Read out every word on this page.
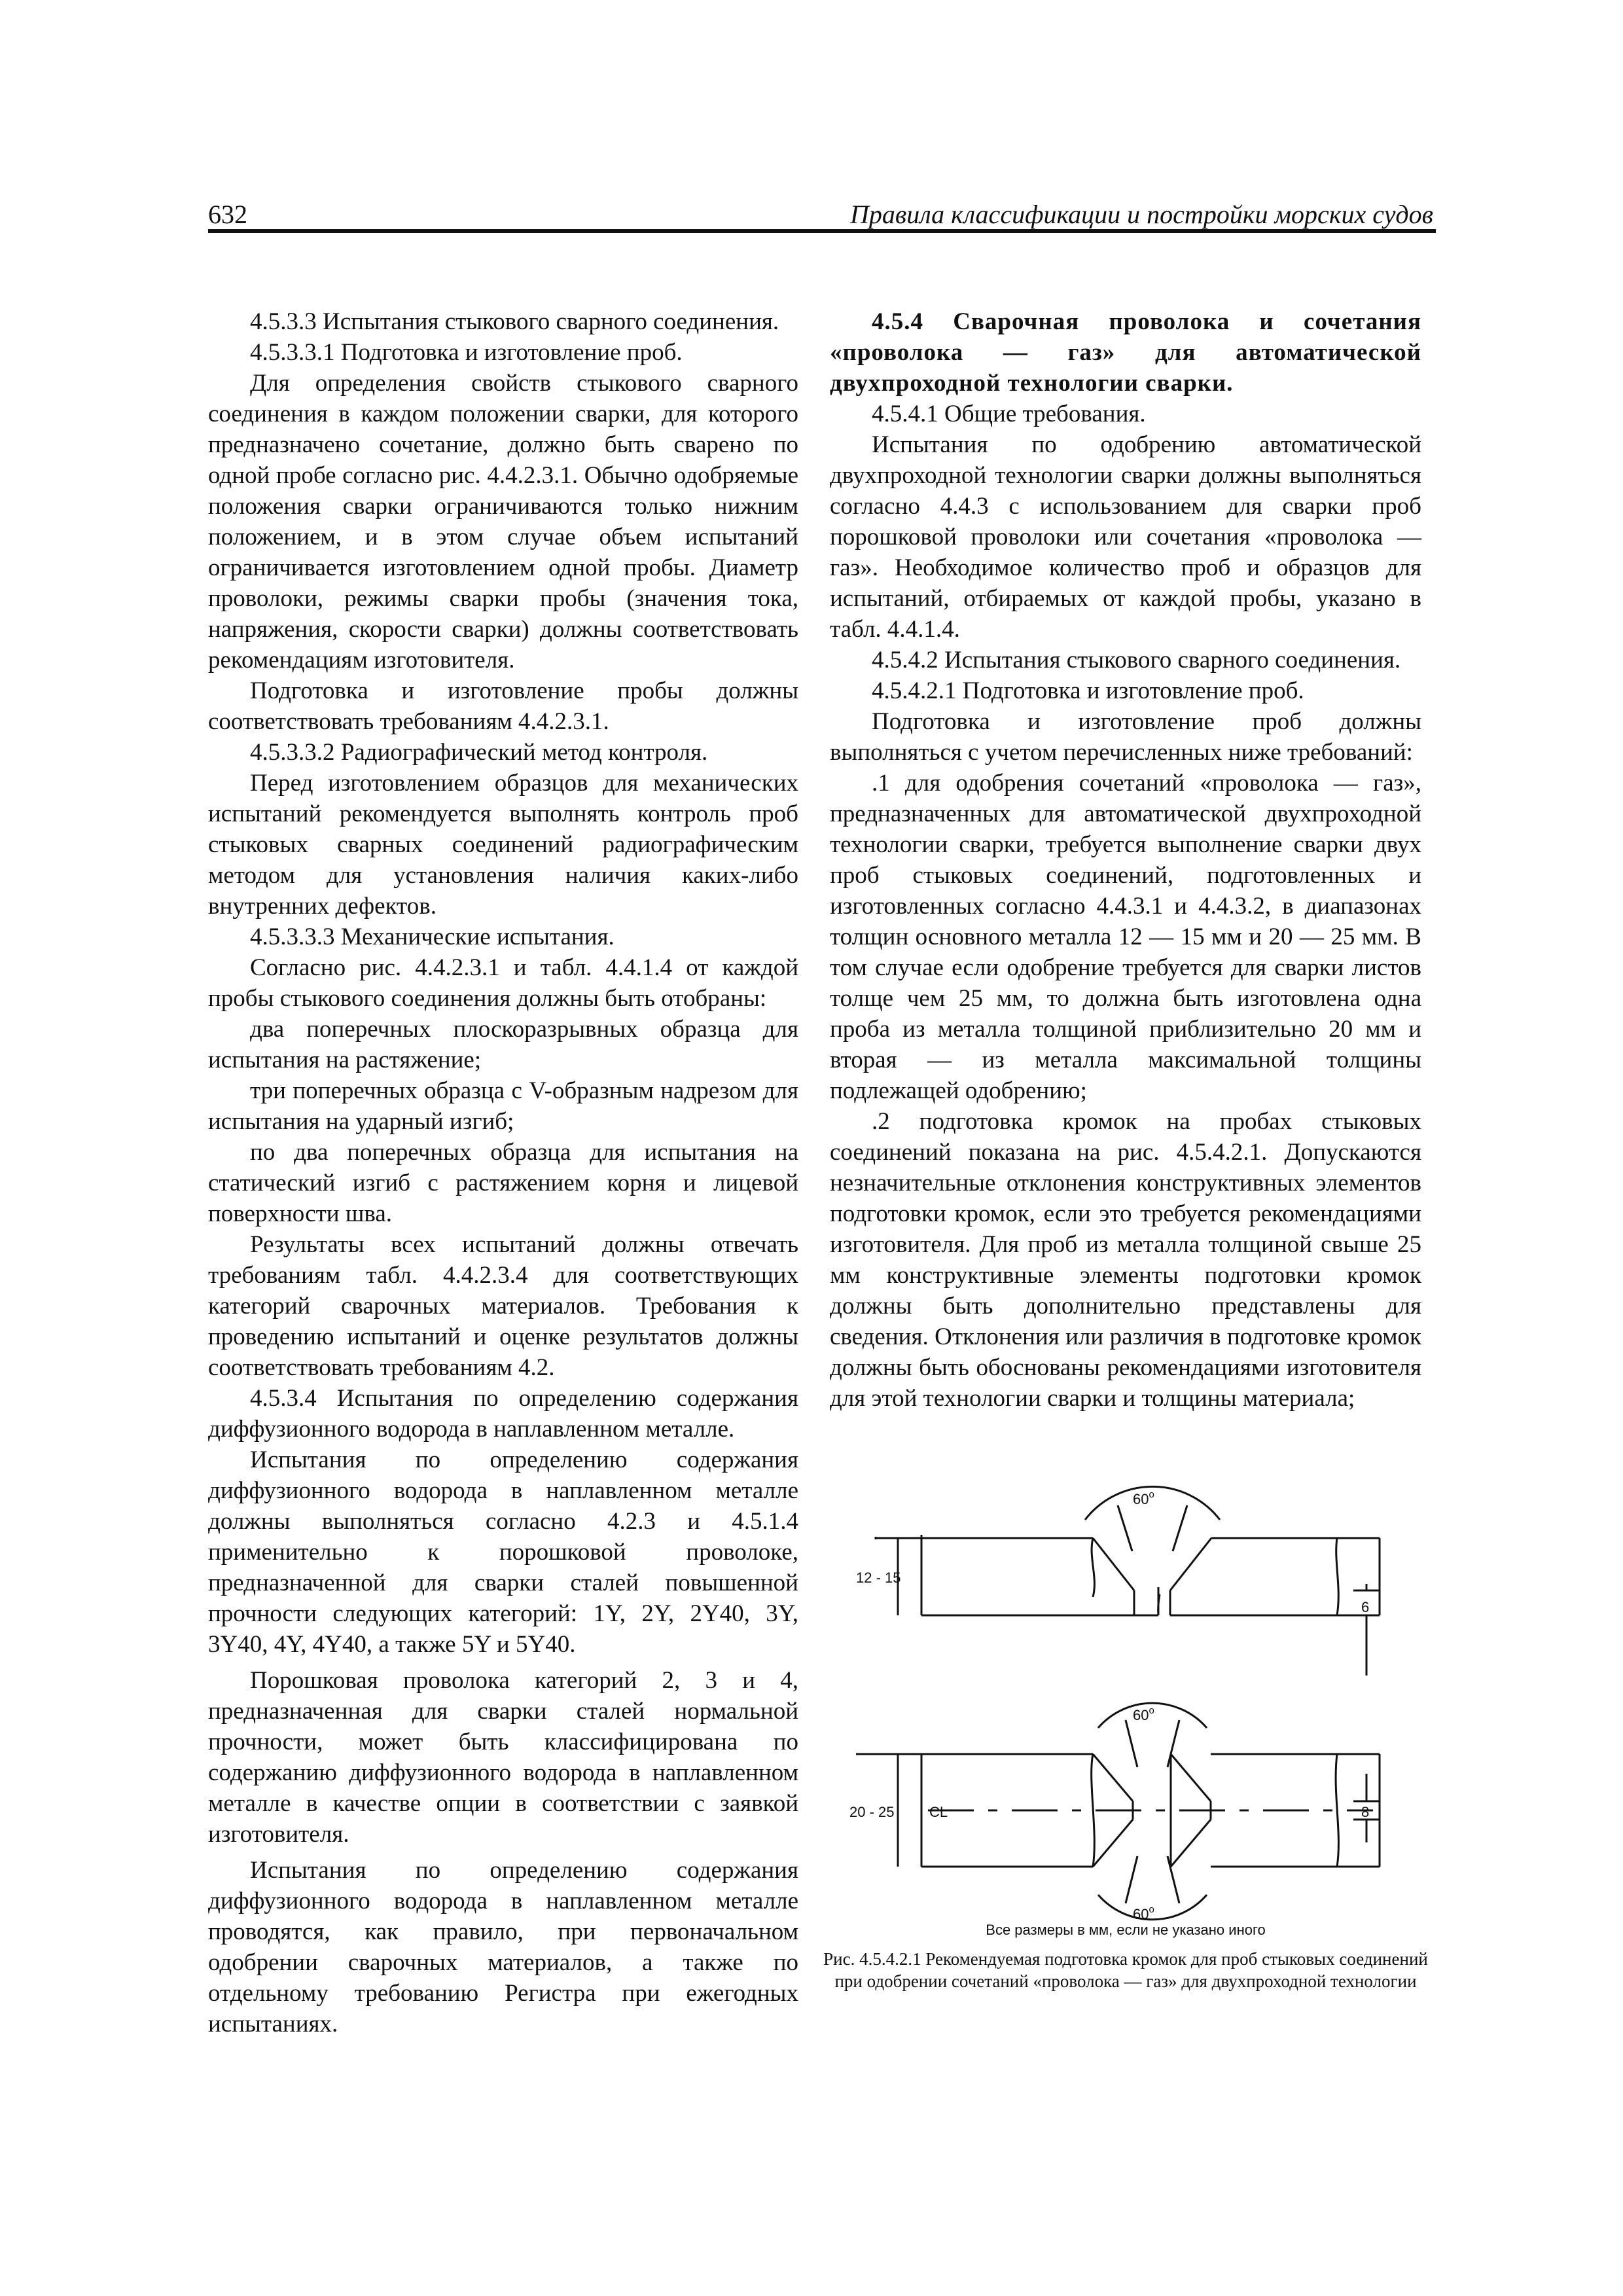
632	Правила классификации и постройки морских судов

4.5.3.3 Испытания стыкового сварного соединения.

4.5.3.3.1 Подготовка и изготовление проб.

Для определения свойств стыкового сварного соединения в каждом положении сварки, для которого предназначено сочетание, должно быть сварено по одной пробе согласно рис. 4.4.2.3.1. Обычно одобряемые положения сварки ограничиваются только нижним положением, и в этом случае объем испытаний ограничивается изготовлением одной пробы. Диаметр проволоки, режимы сварки пробы (значения тока, напряжения, скорости сварки) должны соответствовать рекомендациям изготовителя.

Подготовка и изготовление пробы должны соответствовать требованиям 4.4.2.3.1.

4.5.3.3.2 Радиографический метод контроля.

Перед изготовлением образцов для механических испытаний рекомендуется выполнять контроль проб стыковых сварных соединений радиографическим методом для установления наличия каких-либо внутренних дефектов.

4.5.3.3.3 Механические испытания.

Согласно рис. 4.4.2.3.1 и табл. 4.4.1.4 от каждой пробы стыкового соединения должны быть отобраны:

два поперечных плоскоразрывных образца для испытания на растяжение;

три поперечных образца с V-образным надрезом для испытания на ударный изгиб;

по два поперечных образца для испытания на статический изгиб с растяжением корня и лицевой поверхности шва.

Результаты всех испытаний должны отвечать требованиям табл. 4.4.2.3.4 для соответствующих категорий сварочных материалов. Требования к проведению испытаний и оценке результатов должны соответствовать требованиям 4.2.

4.5.3.4 Испытания по определению содержания диффузионного водорода в наплавленном металле.

Испытания по определению содержания диффузионного водорода в наплавленном металле должны выполняться согласно 4.2.3 и 4.5.1.4 применительно к порошковой проволоке, предназначенной для сварки сталей повышенной прочности следующих категорий: 1Y, 2Y, 2Y40, 3Y, 3Y40, 4Y, 4Y40, а также 5Y и 5Y40.

Порошковая проволока категорий 2, 3 и 4, предназначенная для сварки сталей нормальной прочности, может быть классифицирована по содержанию диффузионного водорода в наплавленном металле в качестве опции в соответствии с заявкой изготовителя.

Испытания по определению содержания диффузионного водорода в наплавленном металле проводятся, как правило, при первоначальном одобрении сварочных материалов, а также по отдельному требованию Регистра при ежегодных испытаниях.

4.5.4 Сварочная проволока и сочетания «проволока — газ» для автоматической двухпроходной технологии сварки.

4.5.4.1 Общие требования.

Испытания по одобрению автоматической двухпроходной технологии сварки должны выполняться согласно 4.4.3 с использованием для сварки проб порошковой проволоки или сочетания «проволока — газ». Необходимое количество проб и образцов для испытаний, отбираемых от каждой пробы, указано в табл. 4.4.1.4.

4.5.4.2 Испытания стыкового сварного соединения.

4.5.4.2.1 Подготовка и изготовление проб.

Подготовка и изготовление проб должны выполняться с учетом перечисленных ниже требований:

.1 для одобрения сочетаний «проволока — газ», предназначенных для автоматической двухпроходной технологии сварки, требуется выполнение сварки двух проб стыковых соединений, подготовленных и изготовленных согласно 4.4.3.1 и 4.4.3.2, в диапазонах толщин основного металла 12 — 15 мм и 20 — 25 мм. В том случае если одобрение требуется для сварки листов толще чем 25 мм, то должна быть изготовлена одна проба из металла толщиной приблизительно 20 мм и вторая — из металла максимальной толщины подлежащей одобрению;

.2 подготовка кромок на пробах стыковых соединений показана на рис. 4.5.4.2.1. Допускаются незначительные отклонения конструктивных элементов подготовки кромок, если это требуется рекомендациями изготовителя. Для проб из металла толщиной свыше 25 мм конструктивные элементы подготовки кромок должны быть дополнительно представлены для сведения. Отклонения или различия в подготовке кромок должны быть обоснованы рекомендациями изготовителя для этой технологии сварки и толщины материала;

60$^o$
12 - 15
6
60$^o$
20 - 25 CL	8
60$^o$
Все размеры в мм, если не указано иного
Рис. 4.5.4.2.1 Рекомендуемая подготовка кромок для проб стыковых соединений при одобрении сочетаний «проволока — газ» для двухпроходной технологии
